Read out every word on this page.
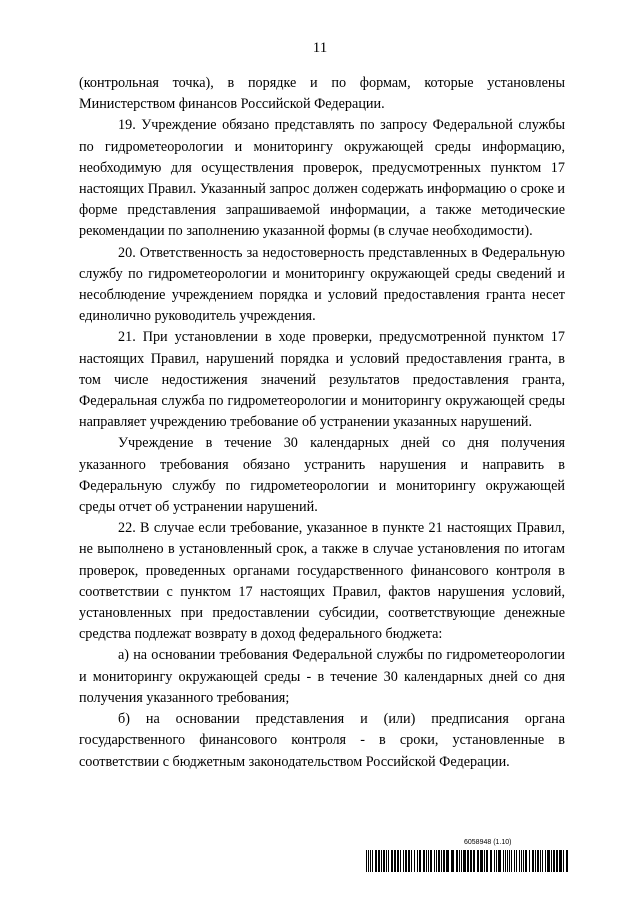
11

(контрольная точка), в порядке и по формам, которые установлены Министерством финансов Российской Федерации.

19. Учреждение обязано представлять по запросу Федеральной службы по гидрометеорологии и мониторингу окружающей среды информацию, необходимую для осуществления проверок, предусмотренных пунктом 17 настоящих Правил. Указанный запрос должен содержать информацию о сроке и форме представления запрашиваемой информации, а также методические рекомендации по заполнению указанной формы (в случае необходимости).

20. Ответственность за недостоверность представленных в Федеральную службу по гидрометеорологии и мониторингу окружающей среды сведений и несоблюдение учреждением порядка и условий предоставления гранта несет единолично руководитель учреждения.

21. При установлении в ходе проверки, предусмотренной пунктом 17 настоящих Правил, нарушений порядка и условий предоставления гранта, в том числе недостижения значений результатов предоставления гранта, Федеральная служба по гидрометеорологии и мониторингу окружающей среды направляет учреждению требование об устранении указанных нарушений.

Учреждение в течение 30 календарных дней со дня получения указанного требования обязано устранить нарушения и направить в Федеральную службу по гидрометеорологии и мониторингу окружающей среды отчет об устранении нарушений.

22. В случае если требование, указанное в пункте 21 настоящих Правил, не выполнено в установленный срок, а также в случае установления по итогам проверок, проведенных органами государственного финансового контроля в соответствии с пунктом 17 настоящих Правил, фактов нарушения условий, установленных при предоставлении субсидии, соответствующие денежные средства подлежат возврату в доход федерального бюджета:

а) на основании требования Федеральной службы по гидрометеорологии и мониторингу окружающей среды - в течение 30 календарных дней со дня получения указанного требования;

б) на основании представления и (или) предписания органа государственного финансового контроля - в сроки, установленные в соответствии с бюджетным законодательством Российской Федерации.

6058948 (1.10)
